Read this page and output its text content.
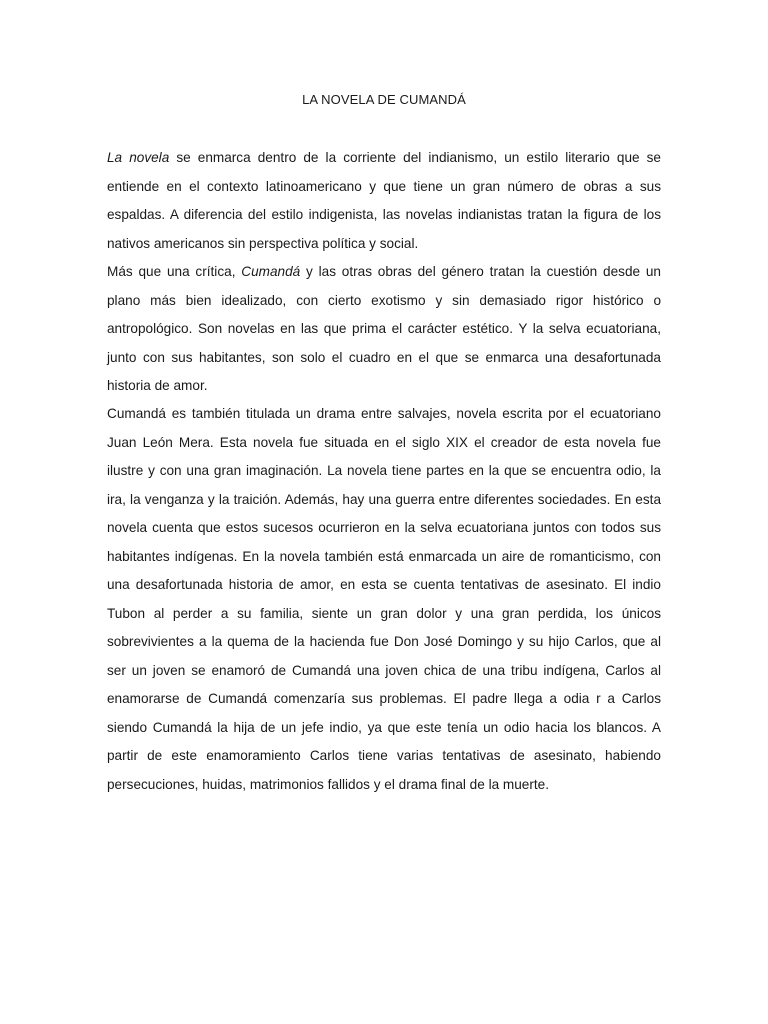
LA NOVELA DE CUMANDÁ

La novela se enmarca dentro de la corriente del indianismo, un estilo literario que se entiende en el contexto latinoamericano y que tiene un gran número de obras a sus espaldas. A diferencia del estilo indigenista, las novelas indianistas tratan la figura de los nativos americanos sin perspectiva política y social.

Más que una crítica, Cumandá y las otras obras del género tratan la cuestión desde un plano más bien idealizado, con cierto exotismo y sin demasiado rigor histórico o antropológico. Son novelas en las que prima el carácter estético. Y la selva ecuatoriana, junto con sus habitantes, son solo el cuadro en el que se enmarca una desafortunada historia de amor.

Cumandá es también titulada un drama entre salvajes, novela escrita por el ecuatoriano Juan León Mera. Esta novela fue situada en el siglo XIX el creador de esta novela fue ilustre y con una gran imaginación. La novela tiene partes en la que se encuentra odio, la ira, la venganza y la traición. Además, hay una guerra entre diferentes sociedades. En esta novela cuenta que estos sucesos ocurrieron en la selva ecuatoriana juntos con todos sus habitantes indígenas. En la novela también está enmarcada un aire de romanticismo, con una desafortunada historia de amor, en esta se cuenta tentativas de asesinato. El indio Tubon al perder a su familia, siente un gran dolor y una gran perdida, los únicos sobrevivientes a la quema de la hacienda fue Don José Domingo y su hijo Carlos, que al ser un joven se enamoró de Cumandá una joven chica de una tribu indígena, Carlos al enamorarse de Cumandá comenzaría sus problemas. El padre llega a odia r a Carlos siendo Cumandá la hija de un jefe indio, ya que este tenía un odio hacia los blancos. A partir de este enamoramiento Carlos tiene varias tentativas de asesinato, habiendo persecuciones, huidas, matrimonios fallidos y el drama final de la muerte.
